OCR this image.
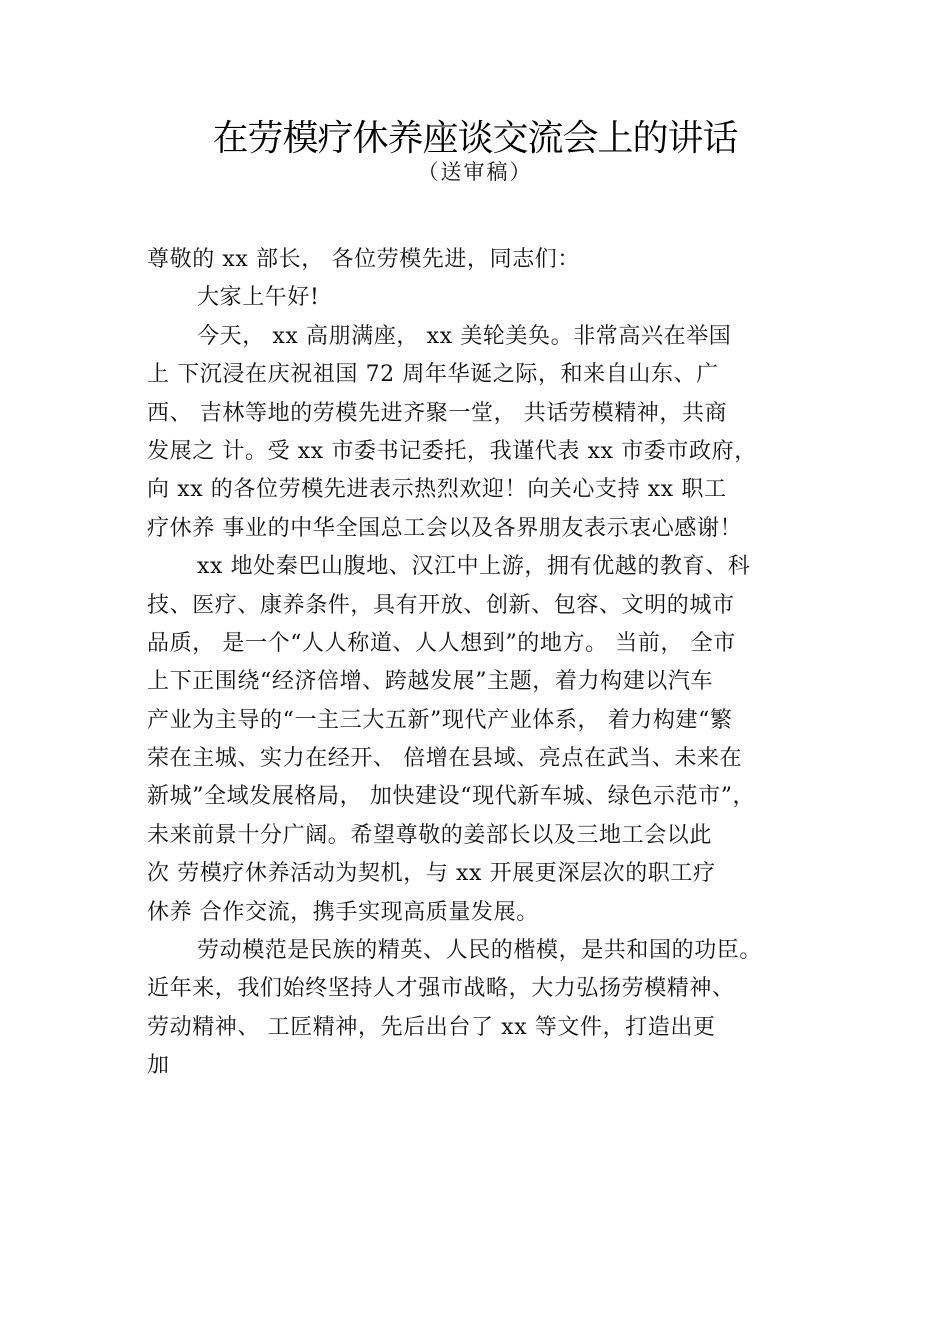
在劳模疗休养座谈交流会上的讲话
（送审稿）
尊敬的 xx 部长， 各位劳模先进，同志们：
大家上午好!
今天， xx 高朋满座， xx 美轮美奂。非常高兴在举国
上 下沉浸在庆祝祖国 72 周年华诞之际，和来自山东、广
西、 吉林等地的劳模先进齐聚一堂， 共话劳模精神，共商
发展之 计。受 xx 市委书记委托，我谨代表 xx 市委市政府，
向 xx 的各位劳模先进表示热烈欢迎！向关心支持 xx 职工
疗休养 事业的中华全国总工会以及各界朋友表示衷心感谢！
xx 地处秦巴山腹地、汉江中上游，拥有优越的教育、科
技、医疗、康养条件，具有开放、创新、包容、文明的城市
品质， 是一个“人人称道、人人想到”的地方。 当前， 全市
上下正围绕“经济倍增、跨越发展”主题，着力构建以汽车
产业为主导的“一主三大五新”现代产业体系， 着力构建“繁
荣在主城、实力在经开、 倍增在县域、亮点在武当、未来在
新城”全域发展格局， 加快建设“现代新车城、绿色示范市”，
未来前景十分广阔。希望尊敬的姜部长以及三地工会以此
次 劳模疗休养活动为契机，与 xx 开展更深层次的职工疗
休养 合作交流，携手实现高质量发展。
劳动模范是民族的精英、人民的楷模，是共和国的功臣。
近年来，我们始终坚持人才强市战略，大力弘扬劳模精神、
劳动精神、 工匠精神，先后出台了 xx 等文件，打造出更
加
